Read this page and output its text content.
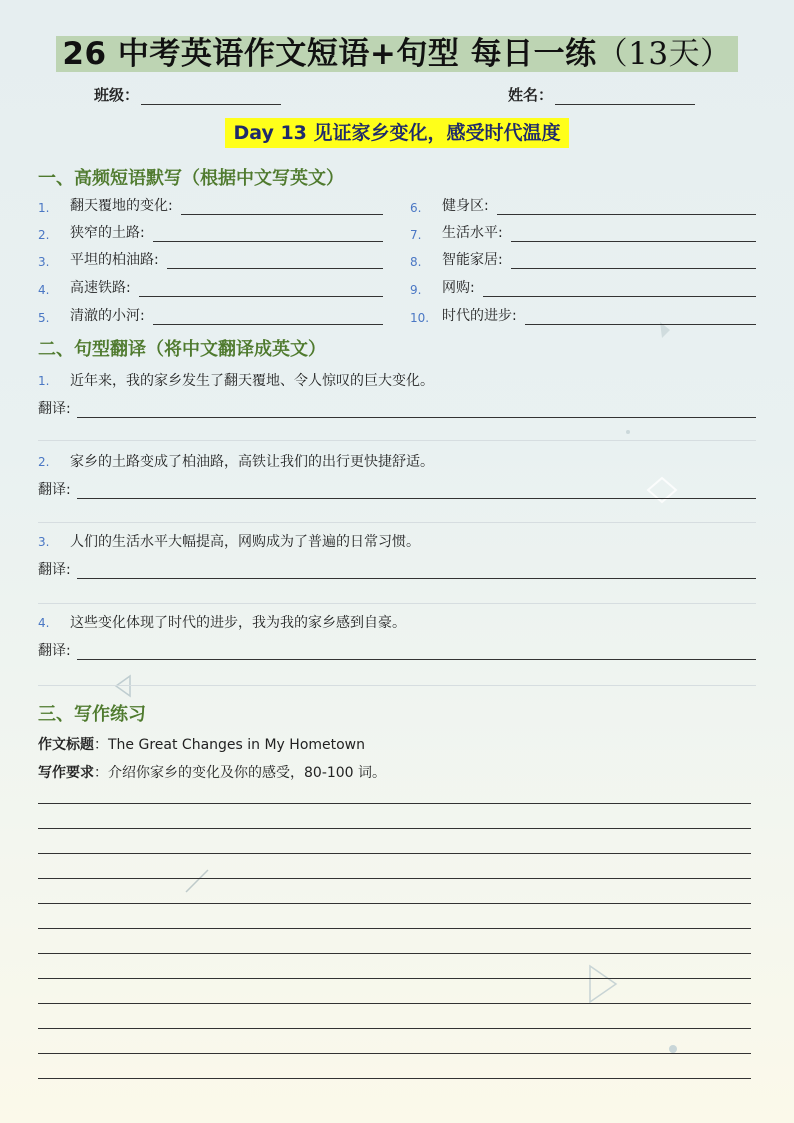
26 中考英语作文短语+句型 每日一练（13天）
班级：	姓名：
Day 13 见证家乡变化，感受时代温度
一、高频短语默写（根据中文写英文）
1.	翻天覆地的变化:
2.	狭窄的土路:
3.	平坦的柏油路:
4.	高速铁路:
5.	清澈的小河:
6.	健身区:
7.	生活水平:
8.	智能家居:
9.	网购:
10. 时代的进步:
二、句型翻译（将中文翻译成英文）
1. 近年来，我的家乡发生了翻天覆地、令人惊叹的巨大变化。
翻译:
2. 家乡的土路变成了柏油路，高铁让我们的出行更快捷舒适。
翻译:
3. 人们的生活水平大幅提高，网购成为了普遍的日常习惯。
翻译:
4. 这些变化体现了时代的进步，我为我的家乡感到自豪。
翻译:
三、写作练习
作文标题：The Great Changes in My Hometown
写作要求：介绍你家乡的变化及你的感受，80-100 词。
